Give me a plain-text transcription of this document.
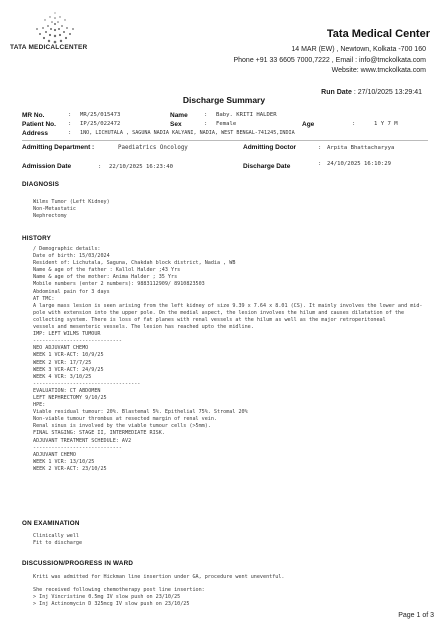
TATA MEDICALCENTER
Tata Medical Center
14 MAR (EW) , Newtown, Kolkata -700 160
Phone +91 33 6605 7000,7222 , Email : info@tmckolkata.com
Website: www.tmckolkata.com
Run Date : 27/10/2025 13:29:41
Discharge Summary
MR No.	: MR/25/015473	Name	: Baby. KRITI HALDER
Patient No. : IP/25/022472	Sex	: Female	Age	:	1 Y 7 M
Address	: 1NO, LICHUTALA , SAGUNA NADIA KALYANI, NADIA, WEST BENGAL-741245,INDIA
Admitting Department :	Paediatrics Oncology	Admitting Doctor	: Arpita Bhattacharyya
Admission Date	: 22/10/2025 16:23:40	Discharge Date	: 24/10/2025 16:10:29
DIAGNOSIS
Wilms Tumor (Left Kidney)
Non-Metastatic
Nephrectomy
HISTORY
/ Demographic details:
Date of birth: 15/03/2024
Resident of: Lichutala, Saguna, Chakdah block district, Nadia , WB
Name & age of the father : Kallol Halder ;43 Yrs
Name & age of the mother: Anima Halder ; 35 Yrs
Mobile numbers (enter 2 numbers): 9883112909/ 8910823503
Abdominal pain for 3 days
AT TMC:
A large mass lesion is seen arising from the left kidney of size 9.39 x 7.64 x 8.01 (CS). It mainly involves the lower and mid-pole with extension into the upper pole. On the medial aspect, the lesion involves the hilum and causes dilatation of the collecting system. There is loss of fat planes with renal vessels at the hilum as well as the major retroperitoneal
vessels and mesenteric vessels. The lesion has reached upto the midline.
IMP: LEFT WILMS TUMOUR
-----------------------------
NEO ADJUVANT CHEMO
WEEK 1 VCR-ACT: 10/9/25
WEEK 2 VCR: 17/7/25
WEEK 3 VCR-ACT: 24/9/25
WEEK 4 VCR: 3/10/25
-----------------------------------
EVALUATION: CT ABDOMEN
LEFT NEPHRECTOMY 9/10/25
HPE:
Viable residual tumour: 20%. Blastemal 5%. Epithelial 75%. Stromal 20%
Non-viable tumour thrombus at resected margin of renal vein.
Renal sinus is involved by the viable tumour cells (>5mm).
FINAL STAGING: STAGE II, INTERMEDIATE RISK.
ADJUVANT TREATMENT SCHEDULE: AV2
-----------------------------
ADJUVANT CHEMO
WEEK 1 VCR: 13/10/25
WEEK 2 VCR-ACT: 23/10/25
ON EXAMINATION
Clinically well
Fit to discharge
DISCUSSION/PROGRESS IN WARD
Kriti was admitted for Hickman line insertion under GA, procedure went uneventful.
She received following chemotherapy post line insertion:
> Inj Vincristine 0.5mg IV slow push on 23/10/25
> Inj Actinomycin D 325mcg IV slow push on 23/10/25
Page 1 of 3
